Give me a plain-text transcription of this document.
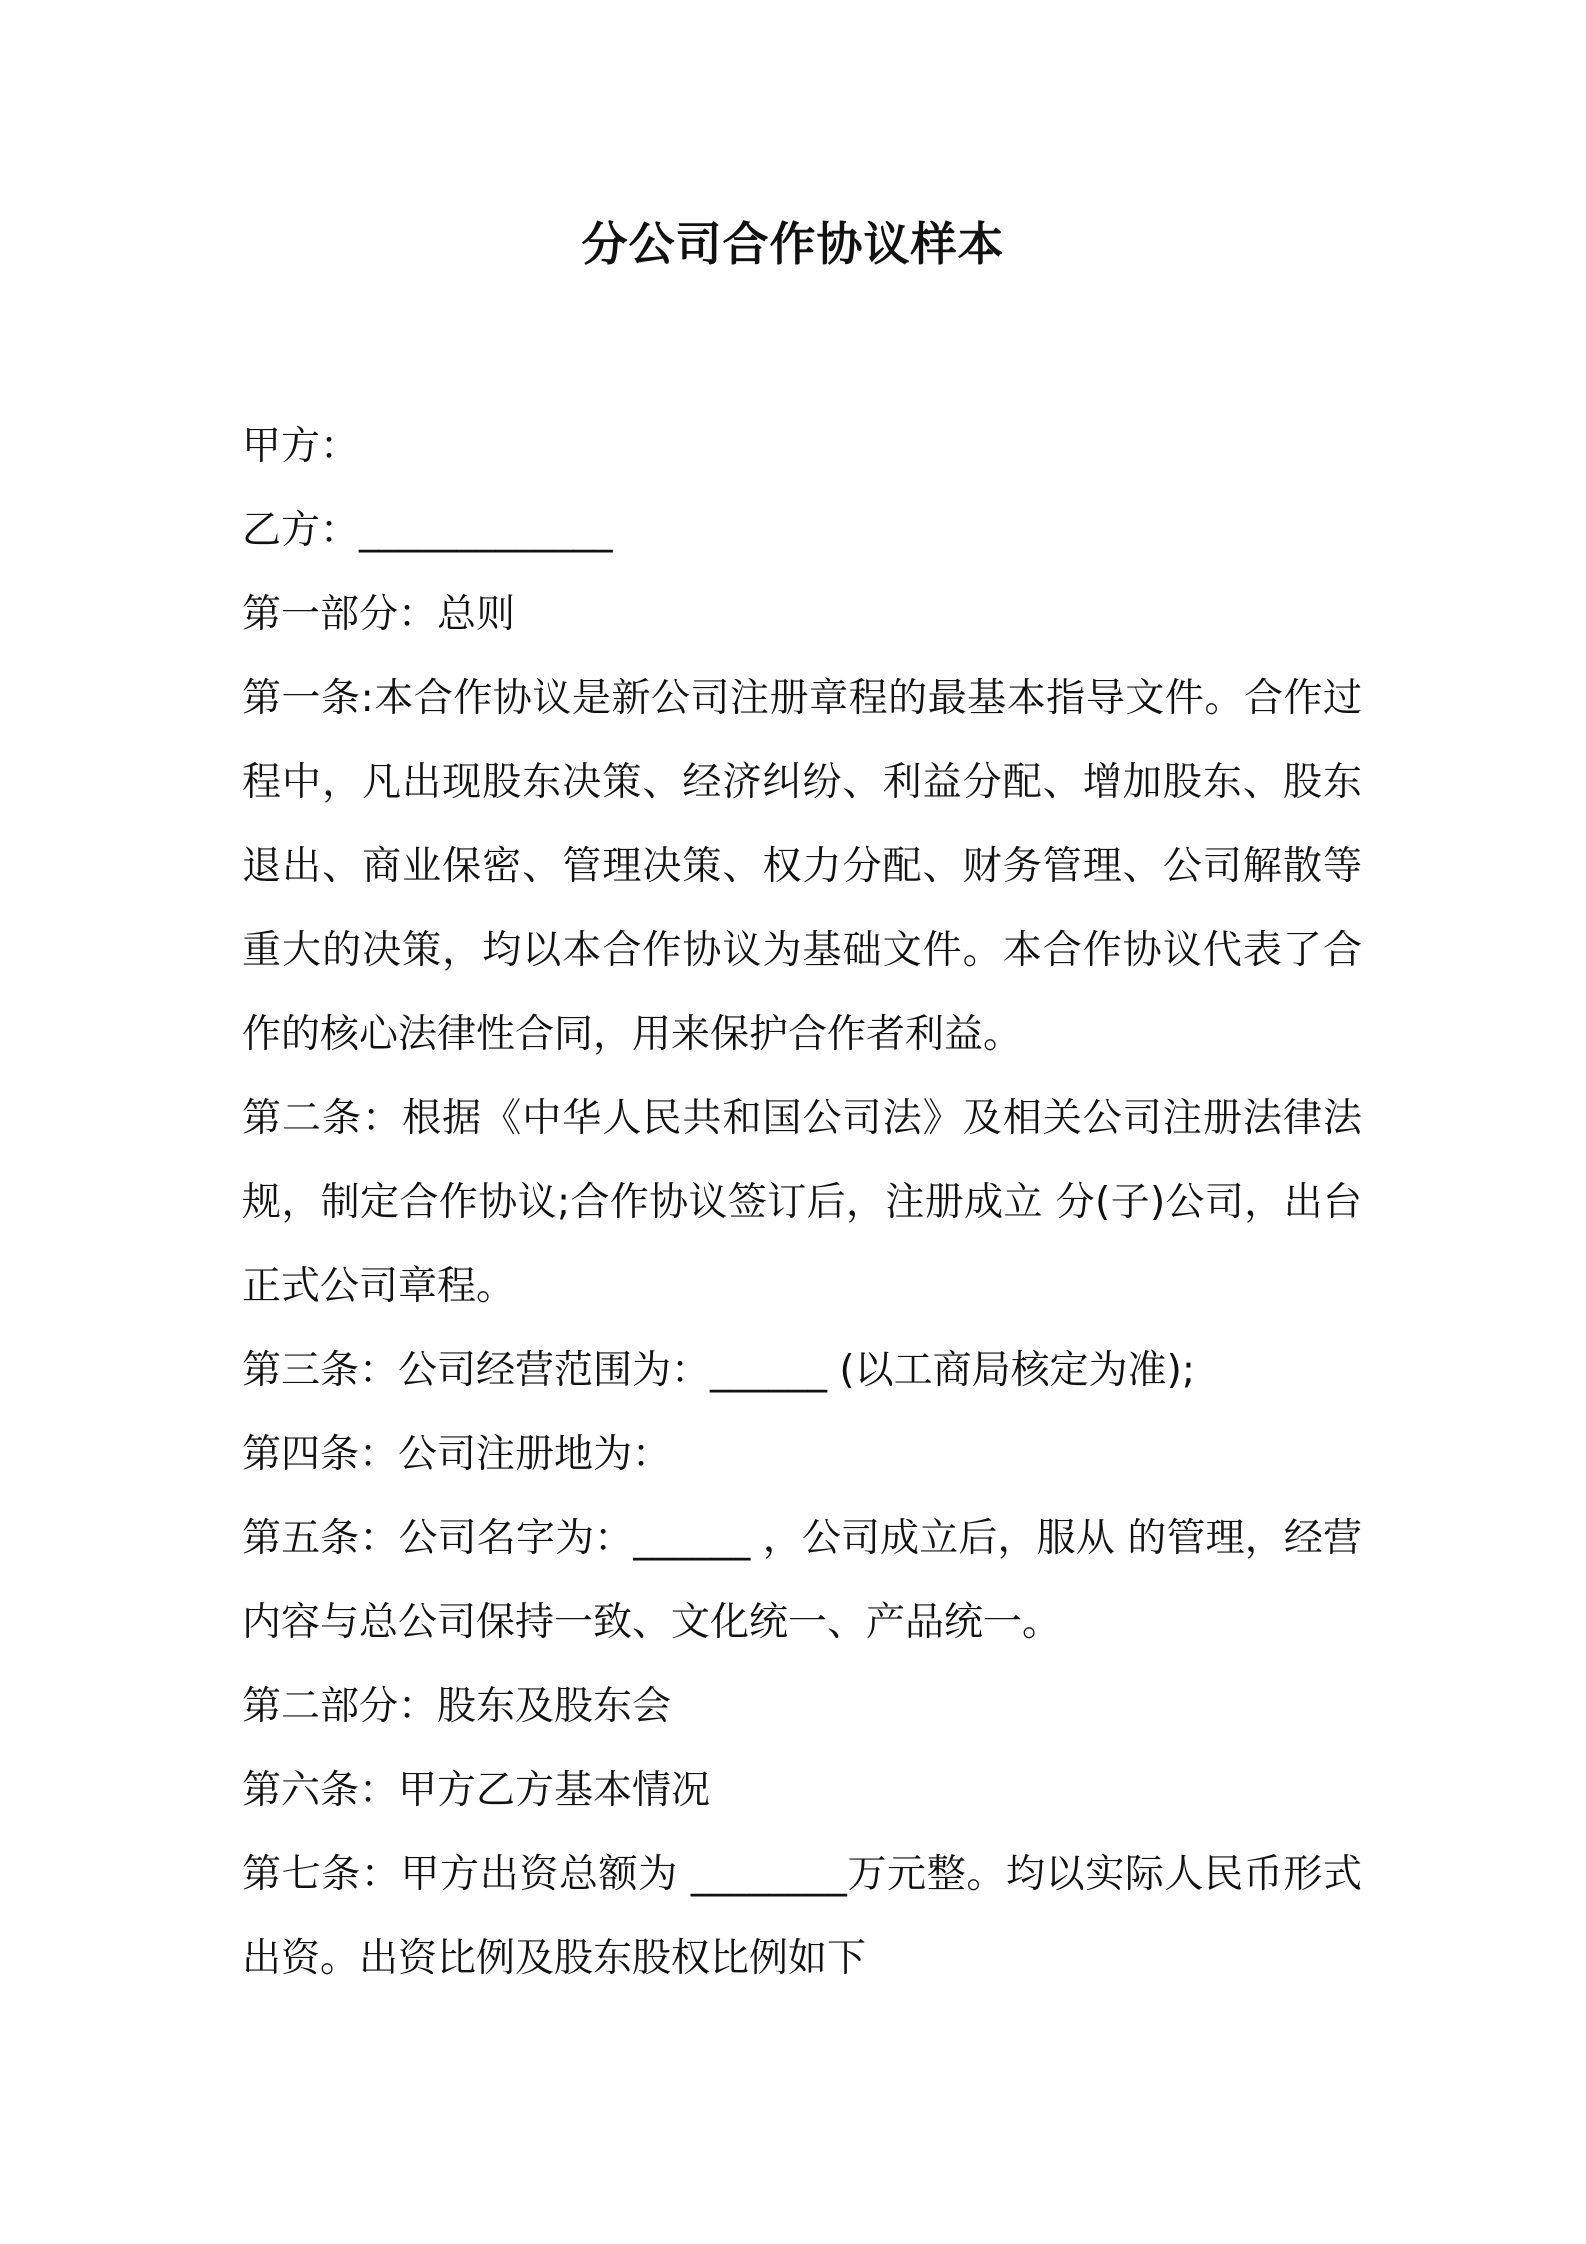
分公司合作协议样本

甲方：

乙方：_____________

第一部分：总则

第一条:本合作协议是新公司注册章程的最基本指导文件。合作过程中，凡出现股东决策、经济纠纷、利益分配、增加股东、股东退出、商业保密、管理决策、权力分配、财务管理、公司解散等重大的决策，均以本合作协议为基础文件。本合作协议代表了合作的核心法律性合同，用来保护合作者利益。

第二条：根据《中华人民共和国公司法》及相关公司注册法律法规，制定合作协议;合作协议签订后，注册成立 分(子)公司，出台正式公司章程。

第三条：公司经营范围为：______ (以工商局核定为准);

第四条：公司注册地为：

第五条：公司名字为：______ ，公司成立后，服从 的管理，经营内容与总公司保持一致、文化统一、产品统一。

第二部分：股东及股东会

第六条：甲方乙方基本情况

第七条：甲方出资总额为 ________万元整。均以实际人民币形式出资。出资比例及股东股权比例如下
